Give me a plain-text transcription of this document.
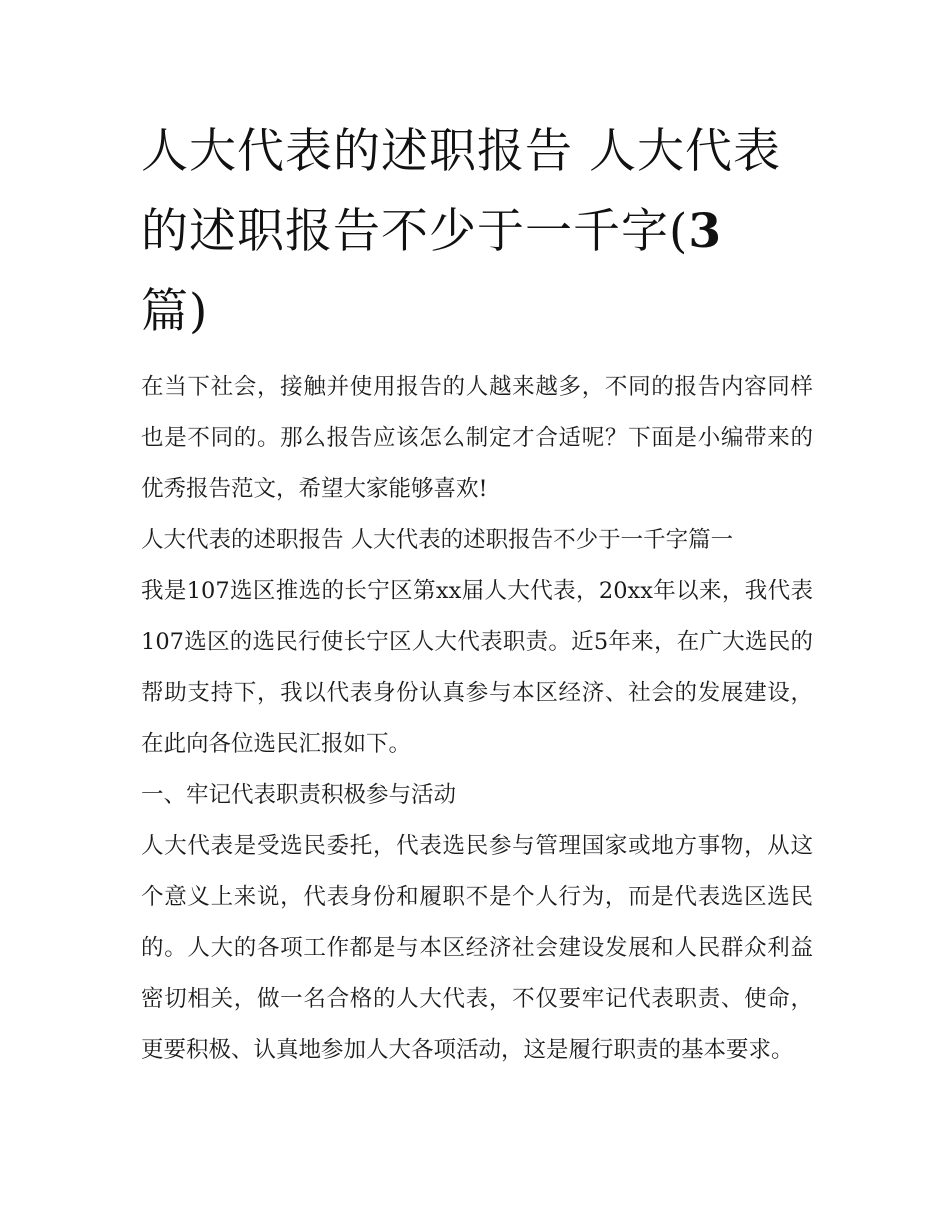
人大代表的述职报告 人大代表的述职报告不少于一千字(3
篇)

在当下社会，接触并使用报告的人越来越多，不同的报告内容同样也是不同的。那么报告应该怎么制定才合适呢？下面是小编带来的优秀报告范文，希望大家能够喜欢!

人大代表的述职报告 人大代表的述职报告不少于一千字篇一

我是107选区推选的长宁区第xx届人大代表，20xx年以来，我代表107选区的选民行使长宁区人大代表职责。近5年来，在广大选民的帮助支持下，我以代表身份认真参与本区经济、社会的发展建设，在此向各位选民汇报如下。

一、牢记代表职责积极参与活动

人大代表是受选民委托，代表选民参与管理国家或地方事物，从这个意义上来说，代表身份和履职不是个人行为，而是代表选区选民的。人大的各项工作都是与本区经济社会建设发展和人民群众利益密切相关，做一名合格的人大代表，不仅要牢记代表职责、使命，更要积极、认真地参加人大各项活动，这是履行职责的基本要求。
